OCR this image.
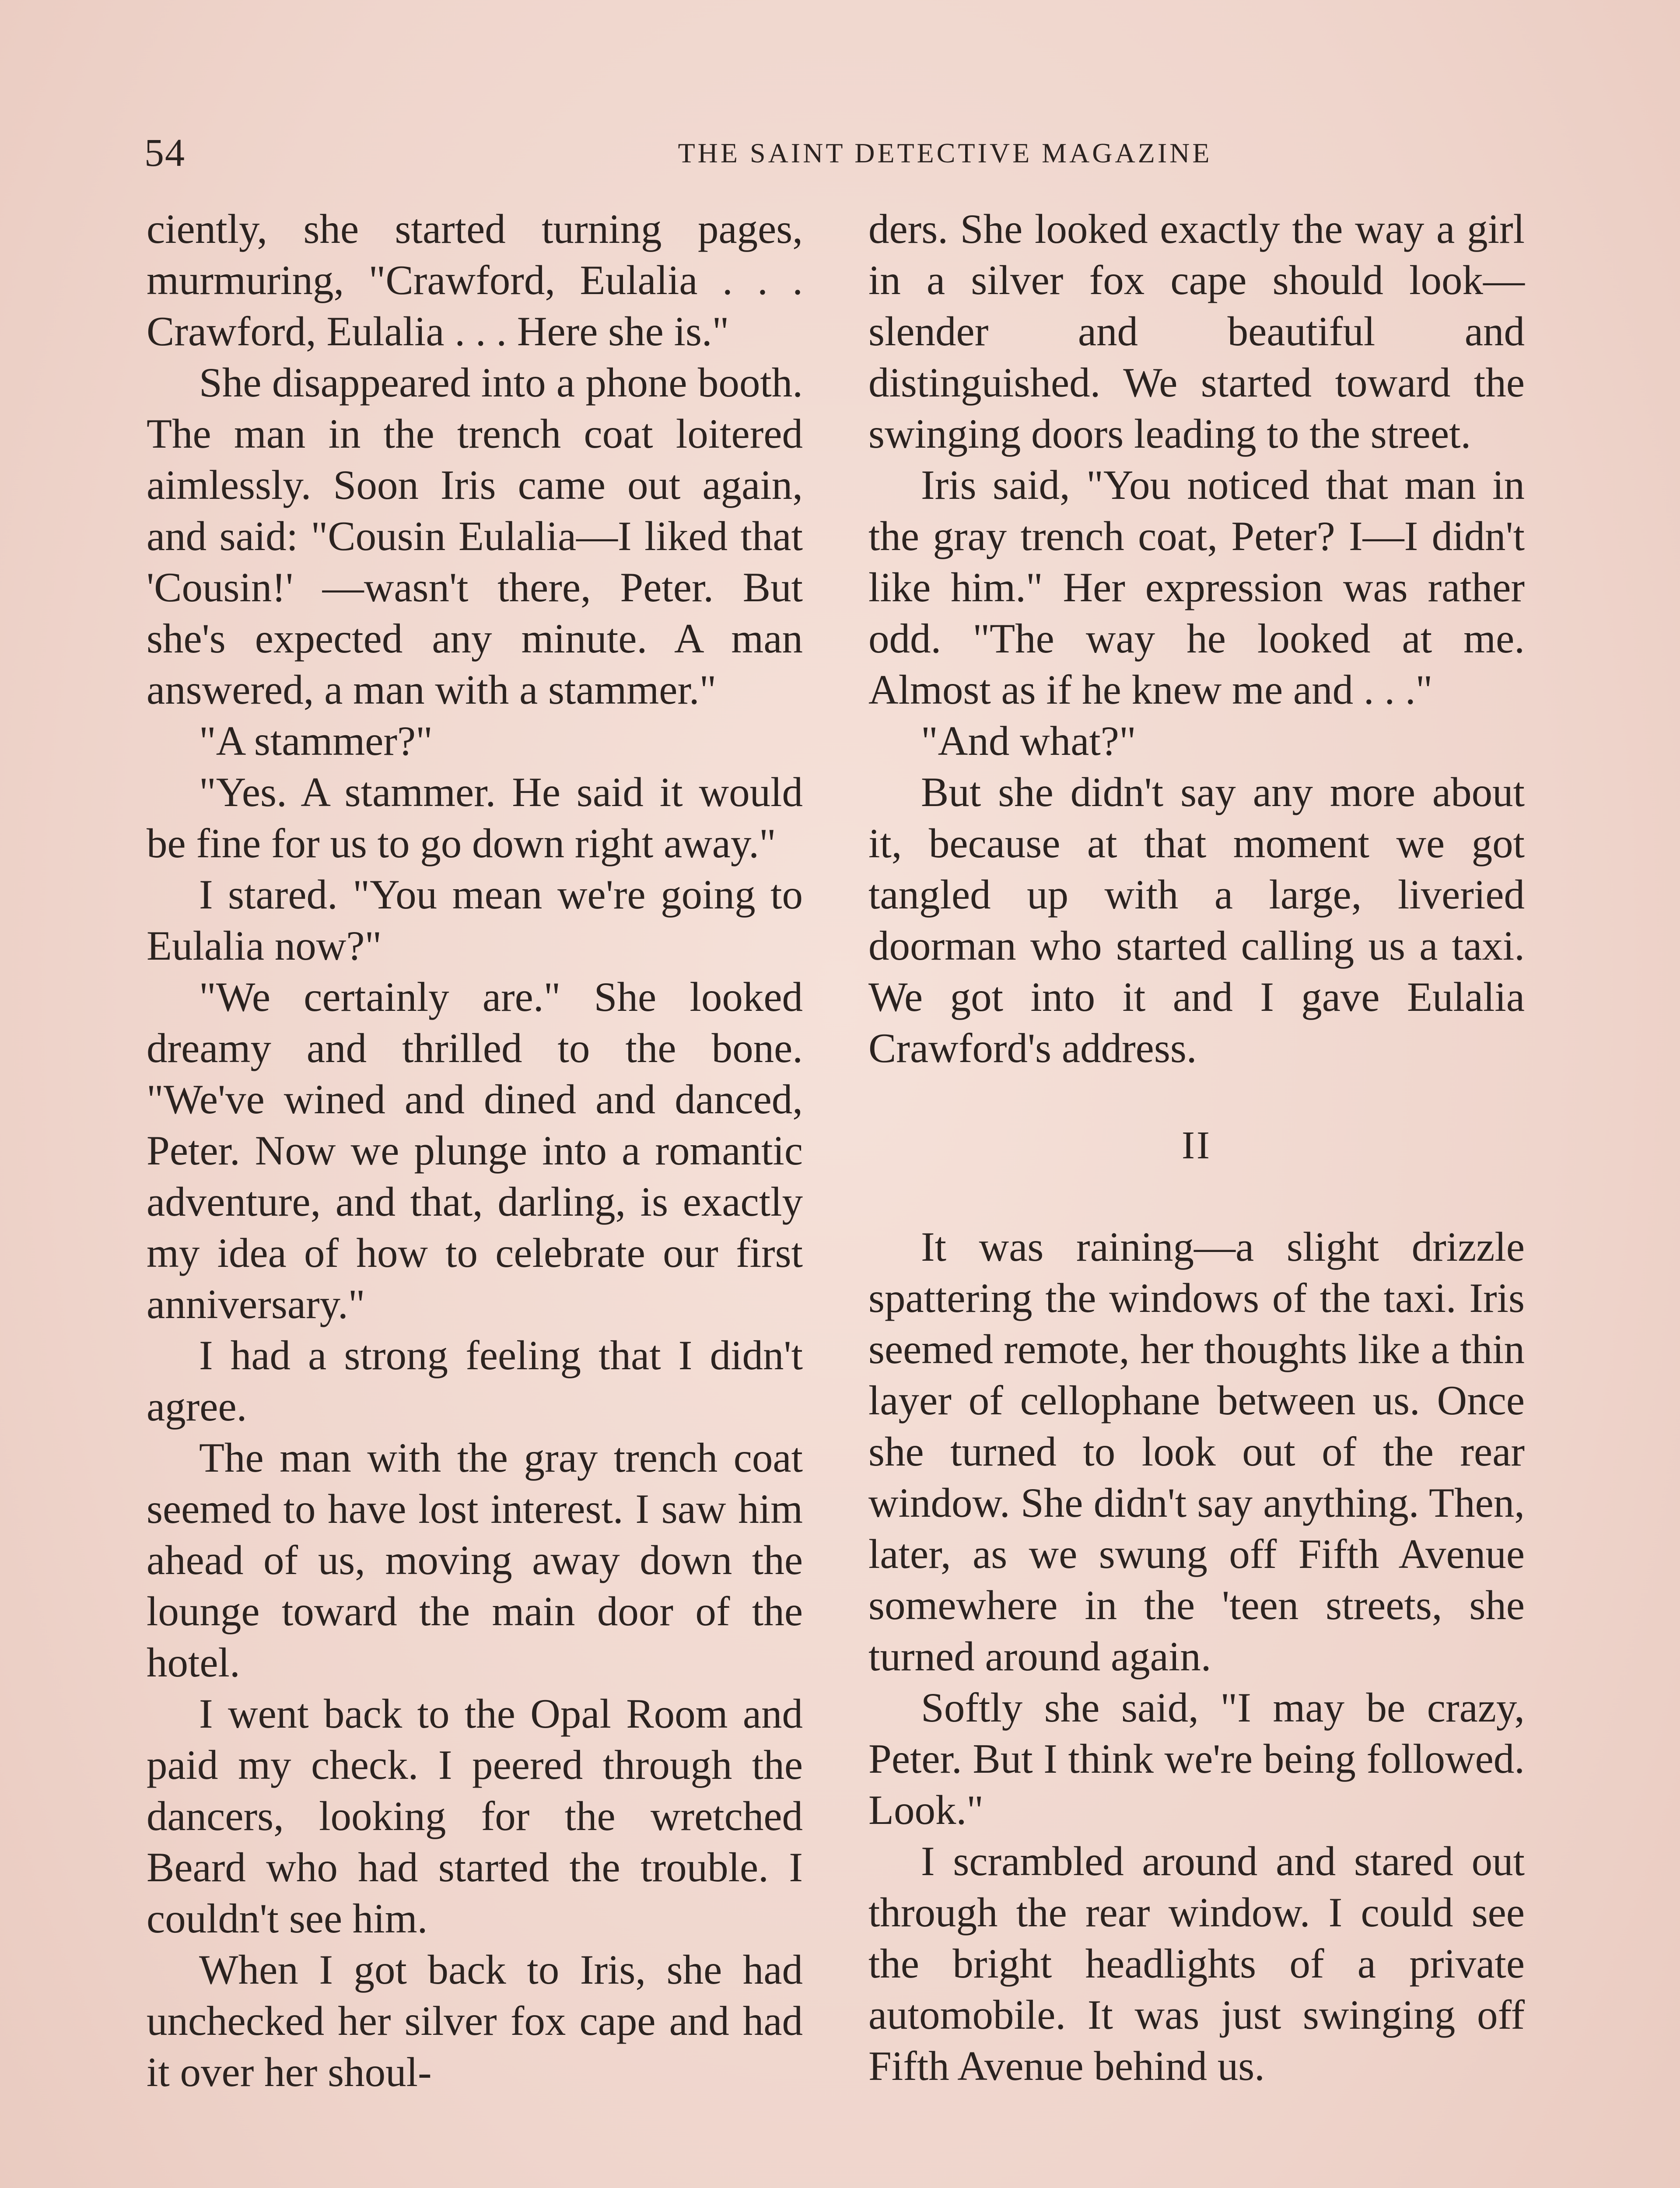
54	THE SAINT DETECTIVE MAGAZINE

ciently, she started turning pages, murmuring, "Crawford, Eulalia . . . Crawford, Eulalia . . . Here she is."

She disappeared into a phone booth. The man in the trench coat loitered aimlessly. Soon Iris came out again, and said: "Cousin Eulalia—I liked that 'Cousin!' —wasn't there, Peter. But she's expected any minute. A man answered, a man with a stammer."

"A stammer?"

"Yes. A stammer. He said it would be fine for us to go down right away."

I stared. "You mean we're going to Eulalia now?"

"We certainly are." She looked dreamy and thrilled to the bone. "We've wined and dined and danced, Peter. Now we plunge into a romantic adventure, and that, darling, is exactly my idea of how to celebrate our first anniversary."

I had a strong feeling that I didn't agree.

The man with the gray trench coat seemed to have lost interest. I saw him ahead of us, moving away down the lounge toward the main door of the hotel.

I went back to the Opal Room and paid my check. I peered through the dancers, looking for the wretched Beard who had started the trouble. I couldn't see him.

When I got back to Iris, she had unchecked her silver fox cape and had it over her shoul-

ders. She looked exactly the way a girl in a silver fox cape should look—slender and beautiful and distinguished. We started toward the swinging doors leading to the street.

Iris said, "You noticed that man in the gray trench coat, Peter? I—I didn't like him." Her expression was rather odd. "The way he looked at me. Almost as if he knew me and . . ."

"And what?"

But she didn't say any more about it, because at that moment we got tangled up with a large, liveried doorman who started calling us a taxi. We got into it and I gave Eulalia Crawford's address.

II

It was raining—a slight drizzle spattering the windows of the taxi. Iris seemed remote, her thoughts like a thin layer of cellophane between us. Once she turned to look out of the rear window. She didn't say anything. Then, later, as we swung off Fifth Avenue somewhere in the 'teen streets, she turned around again.

Softly she said, "I may be crazy, Peter. But I think we're being followed. Look."

I scrambled around and stared out through the rear window. I could see the bright headlights of a private automobile. It was just swinging off Fifth Avenue behind us.
